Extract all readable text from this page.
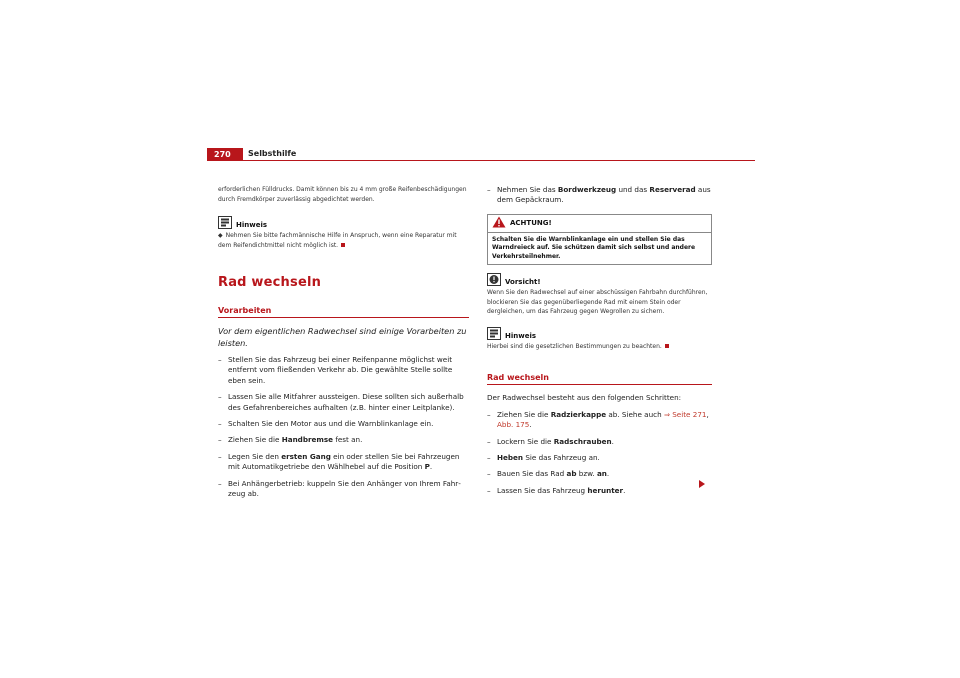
270	Selbsthilfe
erforderlichen Fülldrucks. Damit können bis zu 4 mm große Reifenbeschädigungen durch Fremdkörper zuverlässig abgedichtet werden.
Hinweis
◆ Nehmen Sie bitte fachmännische Hilfe in Anspruch, wenn eine Reparatur mit dem Reifendichtmittel nicht möglich ist.
Rad wechseln
Vorarbeiten
Vor dem eigentlichen Radwechsel sind einige Vorarbeiten zu leisten.
– Stellen Sie das Fahrzeug bei einer Reifenpanne möglichst weit entfernt vom fließenden Verkehr ab. Die gewählte Stelle sollte eben sein.
– Lassen Sie alle Mitfahrer aussteigen. Diese sollten sich außerhalb des Gefahrenbereiches aufhalten (z.B. hinter einer Leitplanke).
– Schalten Sie den Motor aus und die Warnblinkanlage ein.
– Ziehen Sie die Handbremse fest an.
– Legen Sie den ersten Gang ein oder stellen Sie bei Fahrzeugen mit Automatikgetriebe den Wählhebel auf die Position P.
– Bei Anhängerbetrieb: kuppeln Sie den Anhänger von Ihrem Fahrzeug ab.
– Nehmen Sie das Bordwerkzeug und das Reserverad aus dem Gepäckraum.
ACHTUNG!
Schalten Sie die Warnblinkanlage ein und stellen Sie das Warndreieck auf. Sie schützen damit sich selbst und andere Verkehrsteilnehmer.
Vorsicht!
Wenn Sie den Radwechsel auf einer abschüssigen Fahrbahn durchführen, blockieren Sie das gegenüberliegende Rad mit einem Stein oder dergleichen, um das Fahrzeug gegen Wegrollen zu sichern.
Hinweis
Hierbei sind die gesetzlichen Bestimmungen zu beachten.
Rad wechseln
Der Radwechsel besteht aus den folgenden Schritten:
– Ziehen Sie die Radzierkappe ab. Siehe auch ⇒ Seite 271,
Abb. 175.
– Lockern Sie die Radschrauben.
– Heben Sie das Fahrzeug an.
– Bauen Sie das Rad ab bzw. an.
– Lassen Sie das Fahrzeug herunter.
